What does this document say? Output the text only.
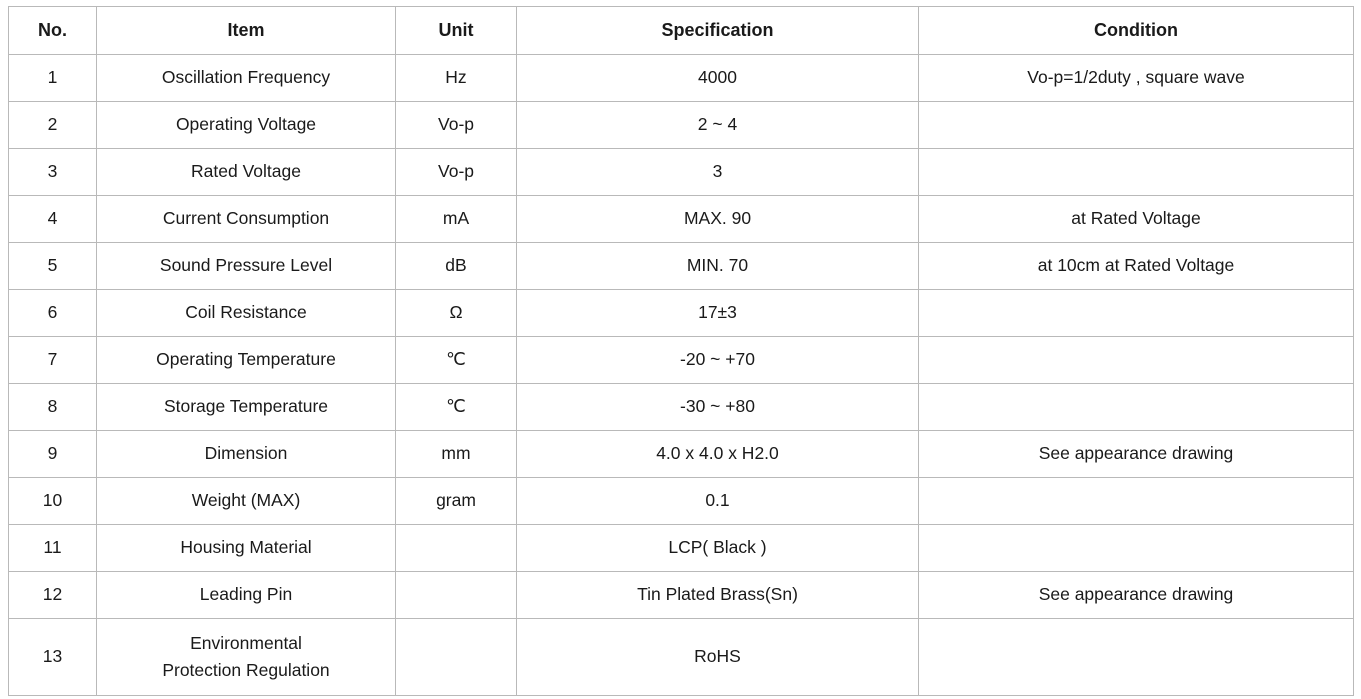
No.	Item	Unit	Specification	Condition
1	Oscillation Frequency	Hz	4000	Vo-p=1/2duty , square wave
2	Operating Voltage	Vo-p	2 ~ 4	
3	Rated Voltage	Vo-p	3	
4	Current Consumption	mA	MAX. 90	at Rated Voltage
5	Sound Pressure Level	dB	MIN. 70	at 10cm at Rated Voltage
6	Coil Resistance	Ω	17±3	
7	Operating Temperature	℃	-20 ~ +70	
8	Storage Temperature	℃	-30 ~ +80	
9	Dimension	mm	4.0 x 4.0 x H2.0	See appearance drawing
10	Weight (MAX)	gram	0.1	
11	Housing Material		LCP( Black )	
12	Leading Pin		Tin Plated Brass(Sn)	See appearance drawing
13	Environmental
Protection Regulation		RoHS	
